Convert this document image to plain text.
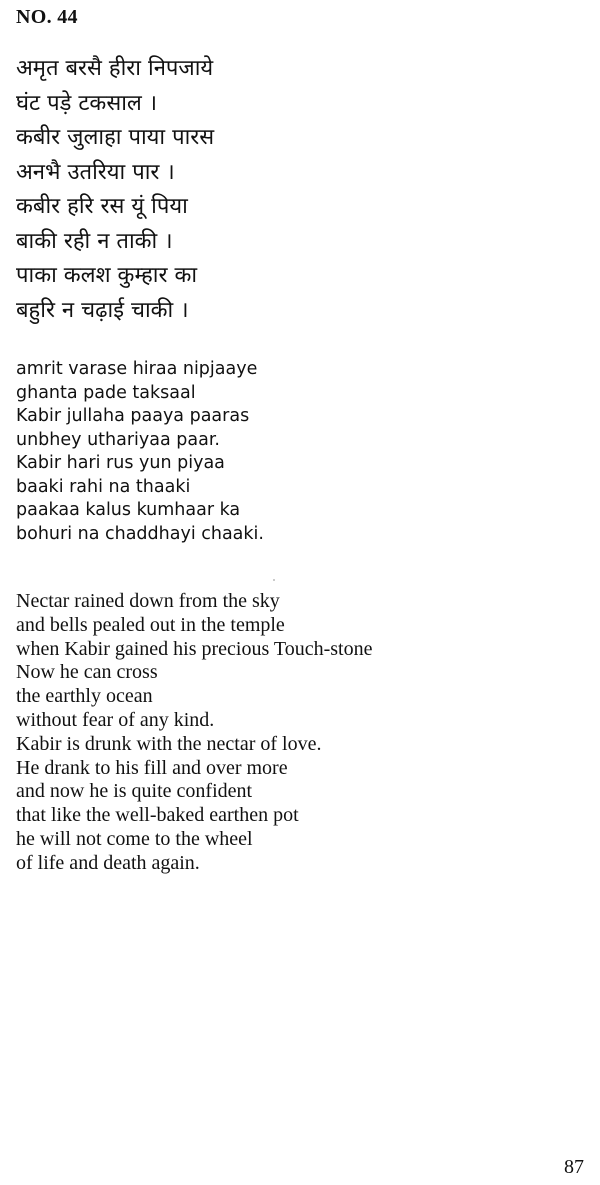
NO. 44
अमृत बरसै हीरा निपजाये
घंट पड़े टकसाल ।
कबीर जुलाहा पाया पारस
अनभै उतरिया पार ।
कबीर हरि रस यूं पिया
बाकी रही न ताकी ।
पाका कलश कुम्हार का
बहुरि न चढ़ाई चाकी ।
amrit varase hiraa nipjaaye
ghanta pade taksaal
Kabir jullaha paaya paaras
unbhey uthariyaa paar.
Kabir hari rus yun piyaa
baaki rahi na thaaki
paakaa kalus kumhaar ka
bohuri na chaddhayi chaaki.
Nectar rained down from the sky
and bells pealed out in the temple
when Kabir gained his precious Touch-stone
Now he can cross
the earthly ocean
without fear of any kind.
Kabir is drunk with the nectar of love.
He drank to his fill and over more
and now he is quite confident
that like the well-baked earthen pot
he will not come to the wheel
of life and death again.
87
